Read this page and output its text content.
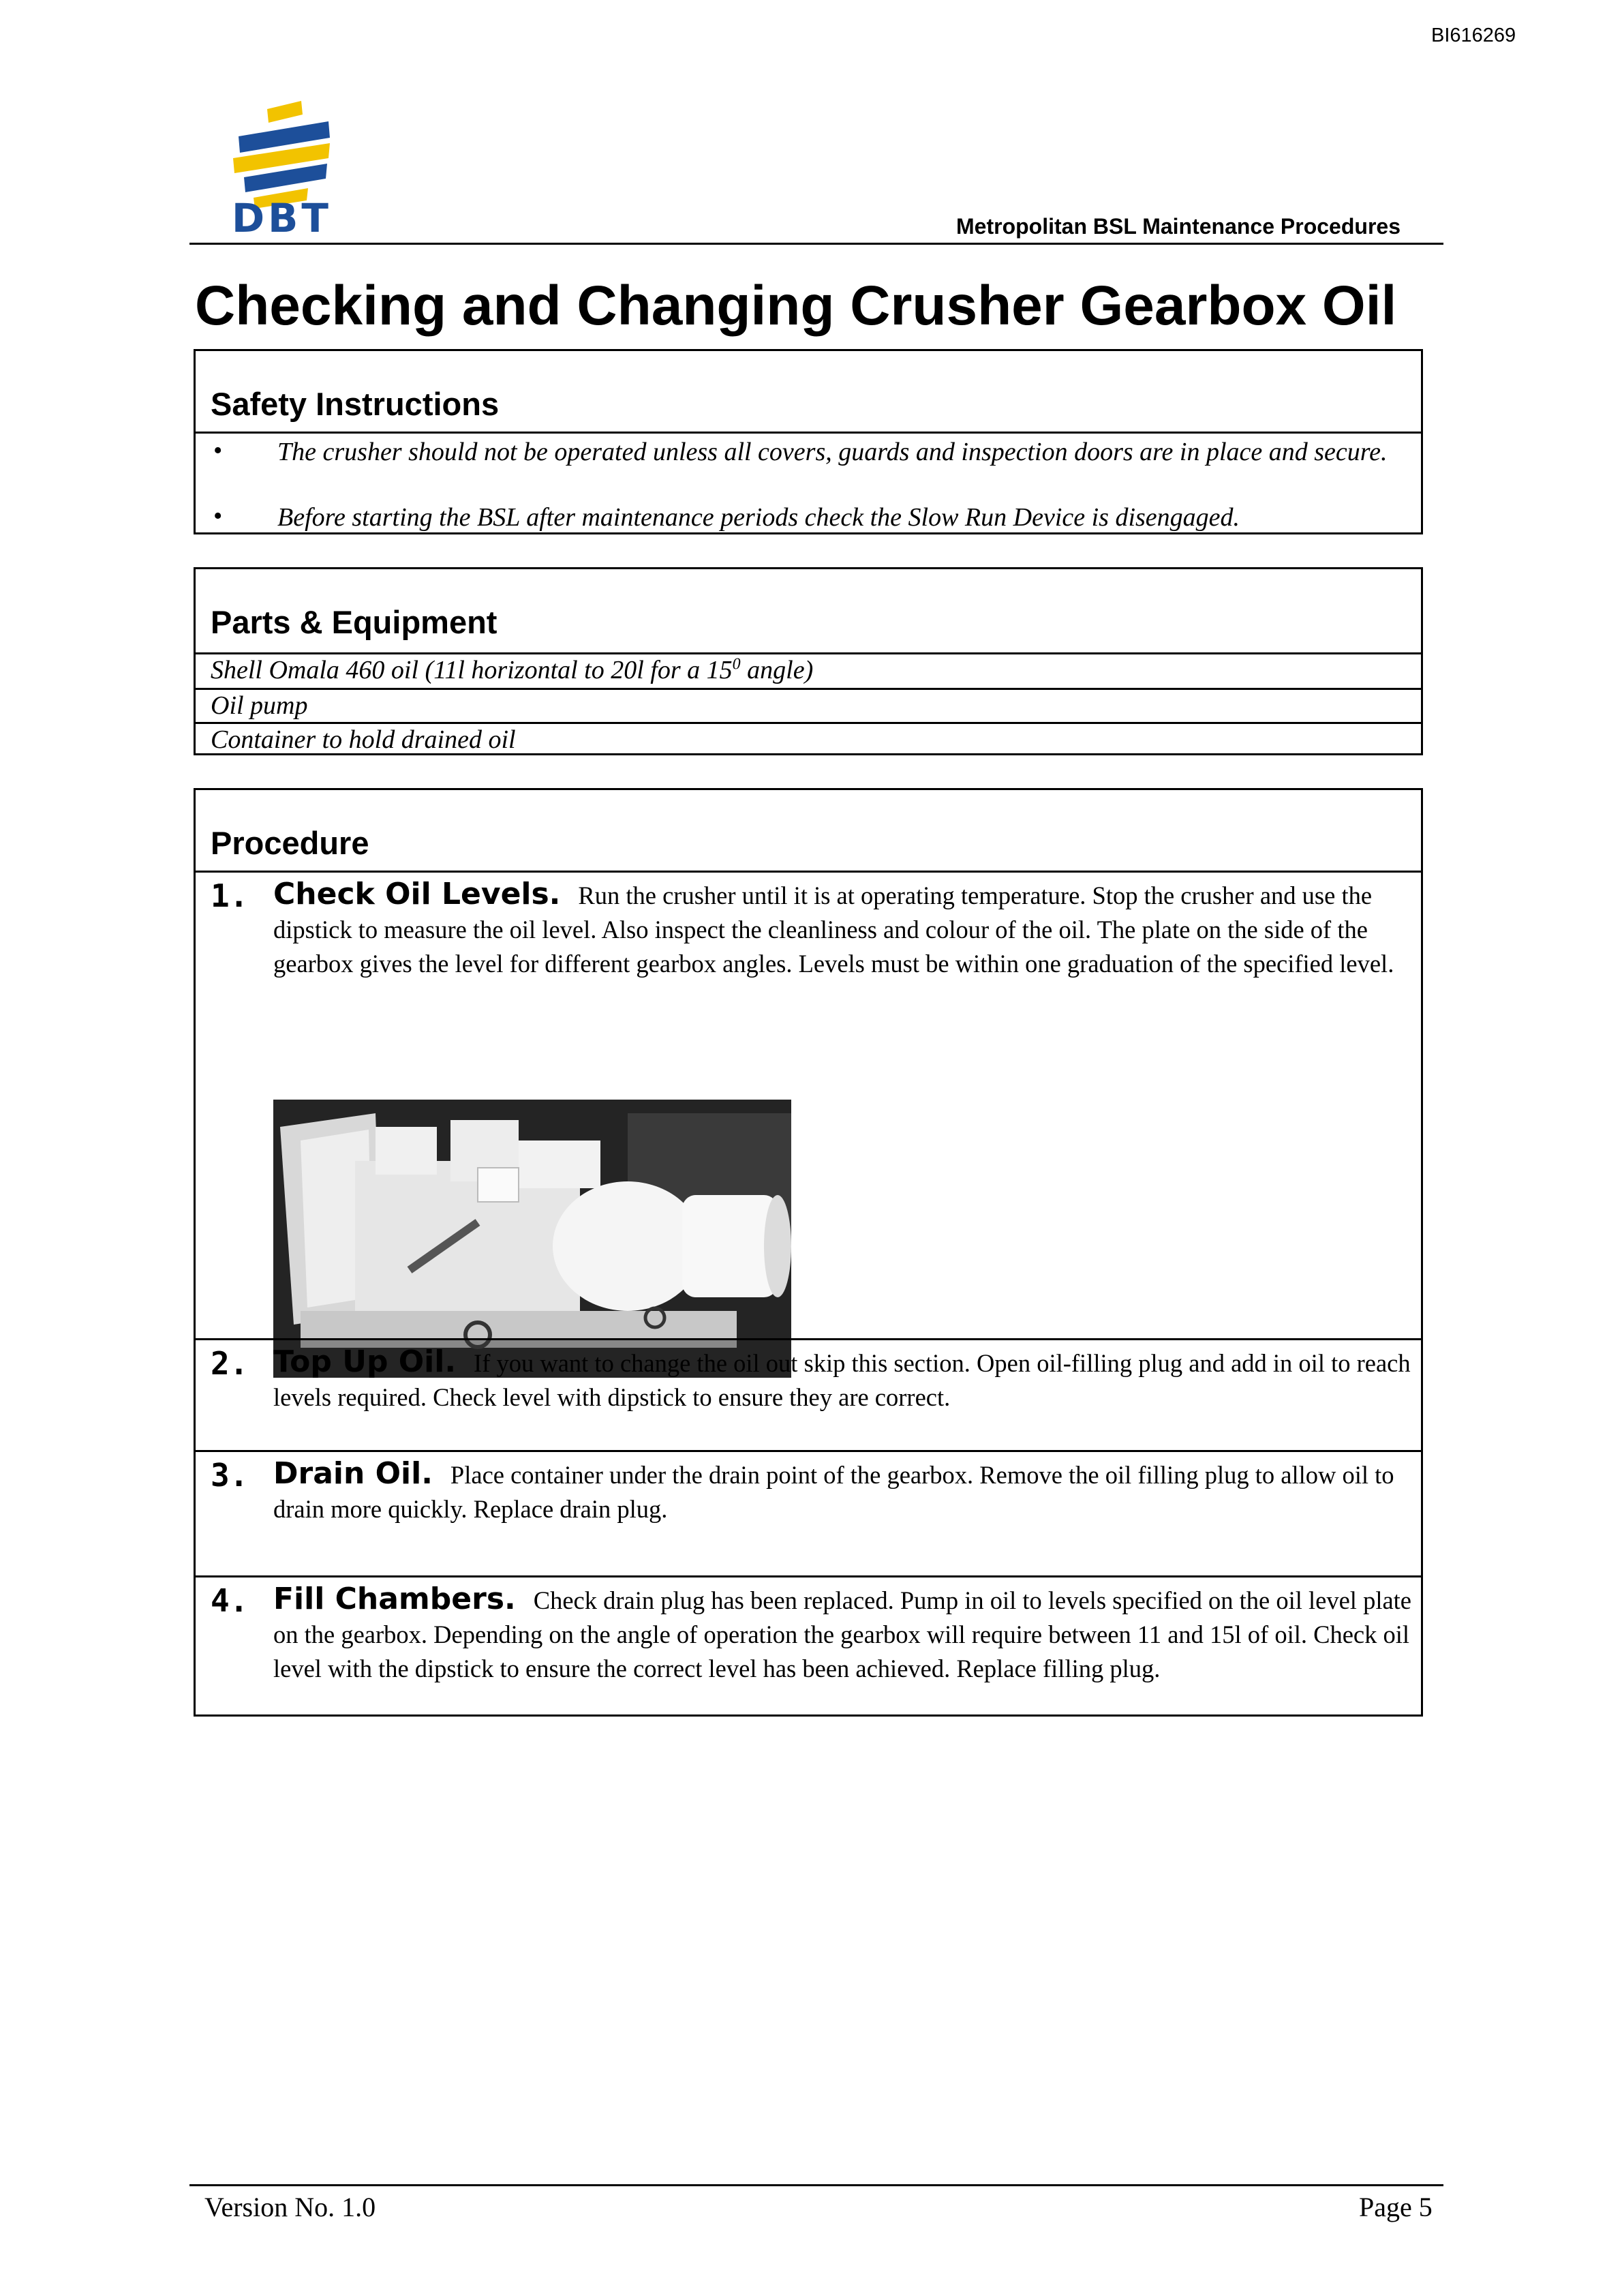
BI616269
DBT	Metropolitan BSL Maintenance Procedures
Checking and Changing Crusher Gearbox Oil
Safety Instructions
• The crusher should not be operated unless all covers, guards and inspection doors are in place and secure.
• Before starting the BSL after maintenance periods check the Slow Run Device is disengaged.
Parts & Equipment
Shell Omala 460 oil (11l horizontal to 20l for a $15^0$ angle)
Oil pump
Container to hold drained oil
Procedure
1. Check Oil Levels. Run the crusher until it is at operating temperature. Stop the crusher and use the dipstick to measure the oil level. Also inspect the cleanliness and colour of the oil. The plate on the side of the gearbox gives the level for different gearbox angles. Levels must be within one graduation of the specified level.
2. Top Up Oil. If you want to change the oil out skip this section. Open oil-filling plug and add in oil to reach levels required. Check level with dipstick to ensure they are correct.
3. Drain Oil. Place container under the drain point of the gearbox. Remove the oil filling plug to allow oil to drain more quickly. Replace drain plug.
4. Fill Chambers. Check drain plug has been replaced. Pump in oil to levels specified on the oil level plate on the gearbox. Depending on the angle of operation the gearbox will require between 11 and 15l of oil. Check oil level with the dipstick to ensure the correct level has been achieved. Replace filling plug.
Version No. 1.0	Page 5
